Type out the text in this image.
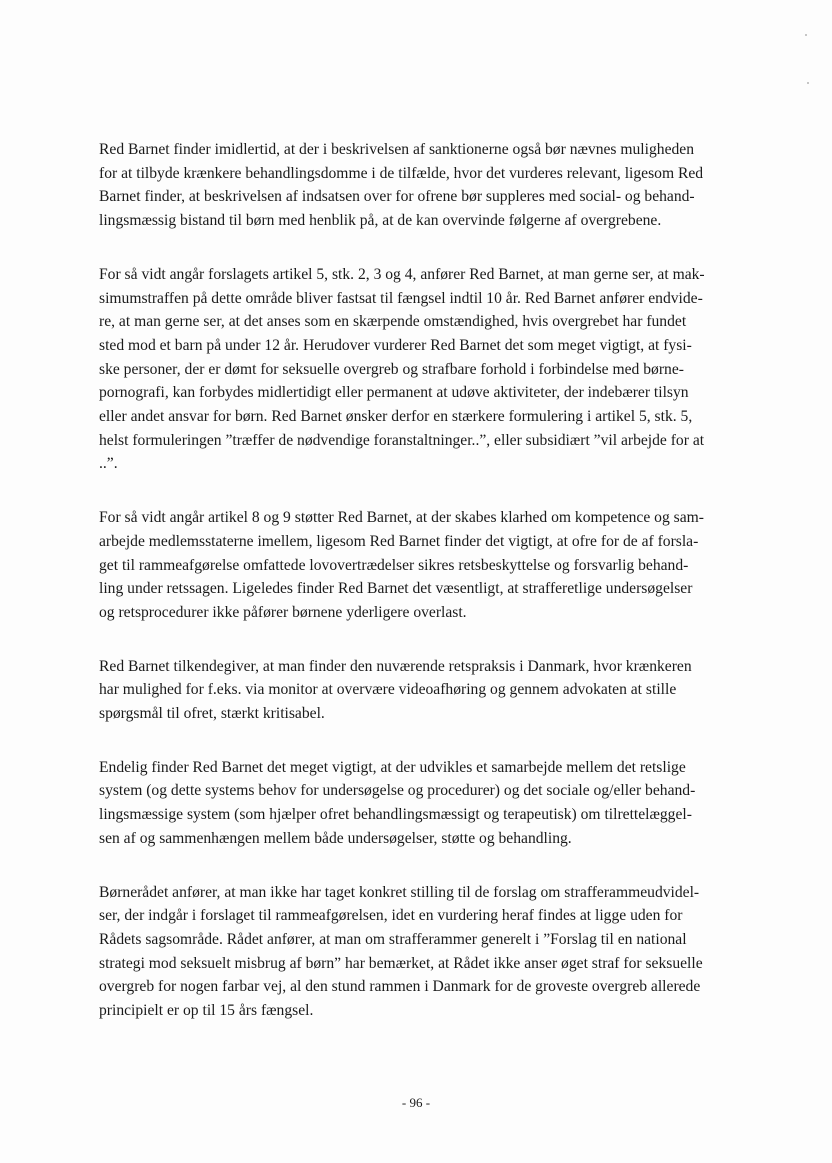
Red Barnet finder imidlertid, at der i beskrivelsen af sanktionerne også bør nævnes muligheden
for at tilbyde krænkere behandlingsdomme i de tilfælde, hvor det vurderes relevant, ligesom Red
Barnet finder, at beskrivelsen af indsatsen over for ofrene bør suppleres med social- og behand-
lingsmæssig bistand til børn med henblik på, at de kan overvinde følgerne af overgrebene.

For så vidt angår forslagets artikel 5, stk. 2, 3 og 4, anfører Red Barnet, at man gerne ser, at mak-
simumstraffen på dette område bliver fastsat til fængsel indtil 10 år. Red Barnet anfører endvide-
re, at man gerne ser, at det anses som en skærpende omstændighed, hvis overgrebet har fundet
sted mod et barn på under 12 år. Herudover vurderer Red Barnet det som meget vigtigt, at fysi-
ske personer, der er dømt for seksuelle overgreb og strafbare forhold i forbindelse med børne-
pornografi, kan forbydes midlertidigt eller permanent at udøve aktiviteter, der indebærer tilsyn
eller andet ansvar for børn. Red Barnet ønsker derfor en stærkere formulering i artikel 5, stk. 5,
helst formuleringen ”træffer de nødvendige foranstaltninger..”, eller subsidiært ”vil arbejde for at
..”.

For så vidt angår artikel 8 og 9 støtter Red Barnet, at der skabes klarhed om kompetence og sam-
arbejde medlemsstaterne imellem, ligesom Red Barnet finder det vigtigt, at ofre for de af forsla-
get til rammeafgørelse omfattede lovovertrædelser sikres retsbeskyttelse og forsvarlig behand-
ling under retssagen. Ligeledes finder Red Barnet det væsentligt, at strafferetlige undersøgelser
og retsprocedurer ikke påfører børnene yderligere overlast.

Red Barnet tilkendegiver, at man finder den nuværende retspraksis i Danmark, hvor krænkeren
har mulighed for f.eks. via monitor at overvære videoafhøring og gennem advokaten at stille
spørgsmål til ofret, stærkt kritisabel.

Endelig finder Red Barnet det meget vigtigt, at der udvikles et samarbejde mellem det retslige
system (og dette systems behov for undersøgelse og procedurer) og det sociale og/eller behand-
lingsmæssige system (som hjælper ofret behandlingsmæssigt og terapeutisk) om tilrettelæggel-
sen af og sammenhængen mellem både undersøgelser, støtte og behandling.

Børnerådet anfører, at man ikke har taget konkret stilling til de forslag om strafferammeudvidel-
ser, der indgår i forslaget til rammeafgørelsen, idet en vurdering heraf findes at ligge uden for
Rådets sagsområde. Rådet anfører, at man om strafferammer generelt i ”Forslag til en national
strategi mod seksuelt misbrug af børn” har bemærket, at Rådet ikke anser øget straf for seksuelle
overgreb for nogen farbar vej, al den stund rammen i Danmark for de groveste overgreb allerede
principielt er op til 15 års fængsel.

- 96 -
